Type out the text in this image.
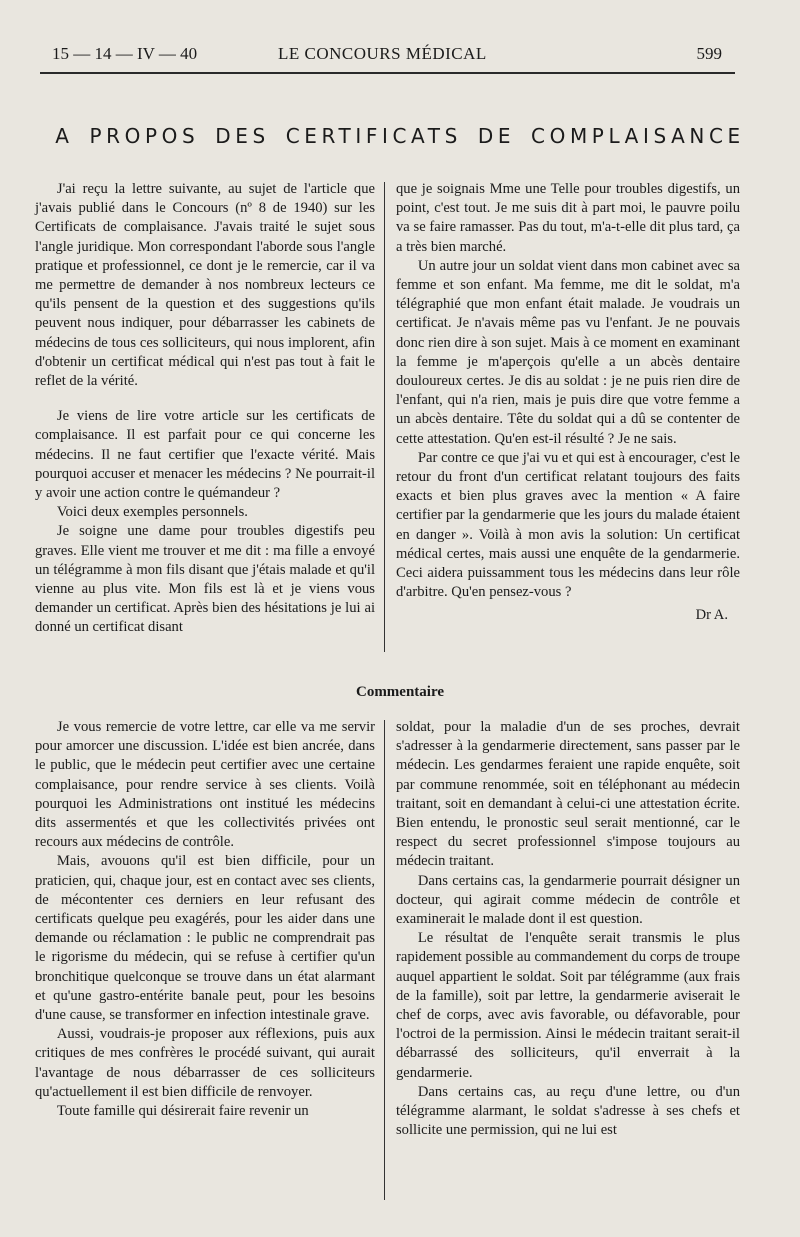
15 — 14 — IV — 40	LE CONCOURS MÉDICAL	599
A PROPOS DES CERTIFICATS DE COMPLAISANCE

J'ai reçu la lettre suivante, au sujet de l'article que j'avais publié dans le Concours (nº 8 de 1940) sur les Certificats de complaisance. J'avais traité le sujet sous l'angle juridique. Mon correspondant l'aborde sous l'angle pratique et professionnel, ce dont je le remercie, car il va me permettre de demander à nos nombreux lecteurs ce qu'ils pensent de la question et des suggestions qu'ils peuvent nous indiquer, pour débarrasser les cabinets de médecins de tous ces solliciteurs, qui nous implorent, afin d'obtenir un certificat médical qui n'est pas tout à fait le reflet de la vérité.

Je viens de lire votre article sur les certificats de complaisance. Il est parfait pour ce qui concerne les médecins. Il ne faut certifier que l'exacte vérité. Mais pourquoi accuser et menacer les médecins ? Ne pourrait-il y avoir une action contre le quémandeur ?

Voici deux exemples personnels.

Je soigne une dame pour troubles digestifs peu graves. Elle vient me trouver et me dit : ma fille a envoyé un télégramme à mon fils disant que j'étais malade et qu'il vienne au plus vite. Mon fils est là et je viens vous demander un certificat. Après bien des hésitations je lui ai donné un certificat disant

que je soignais Mme une Telle pour troubles digestifs, un point, c'est tout. Je me suis dit à part moi, le pauvre poilu va se faire ramasser. Pas du tout, m'a-t-elle dit plus tard, ça a très bien marché.

Un autre jour un soldat vient dans mon cabinet avec sa femme et son enfant. Ma femme, me dit le soldat, m'a télégraphié que mon enfant était malade. Je voudrais un certificat. Je n'avais même pas vu l'enfant. Je ne pouvais donc rien dire à son sujet. Mais à ce moment en examinant la femme je m'aperçois qu'elle a un abcès dentaire douloureux certes. Je dis au soldat : je ne puis rien dire de l'enfant, qui n'a rien, mais je puis dire que votre femme a un abcès dentaire. Tête du soldat qui a dû se contenter de cette attestation. Qu'en est-il résulté ? Je ne sais.

Par contre ce que j'ai vu et qui est à encourager, c'est le retour du front d'un certificat relatant toujours des faits exacts et bien plus graves avec la mention « A faire certifier par la gendarmerie que les jours du malade étaient en danger ». Voilà à mon avis la solution: Un certificat médical certes, mais aussi une enquête de la gendarmerie. Ceci aidera puissamment tous les médecins dans leur rôle d'arbitre. Qu'en pensez-vous ?

Dr A.
Commentaire

Je vous remercie de votre lettre, car elle va me servir pour amorcer une discussion. L'idée est bien ancrée, dans le public, que le médecin peut certifier avec une certaine complaisance, pour rendre service à ses clients. Voilà pourquoi les Administrations ont institué les médecins dits assermentés et que les collectivités privées ont recours aux médecins de contrôle.

Mais, avouons qu'il est bien difficile, pour un praticien, qui, chaque jour, est en contact avec ses clients, de mécontenter ces derniers en leur refusant des certificats quelque peu exagérés, pour les aider dans une demande ou réclamation : le public ne comprendrait pas le rigorisme du médecin, qui se refuse à certifier qu'un bronchitique quelconque se trouve dans un état alarmant et qu'une gastro-entérite banale peut, pour les besoins d'une cause, se transformer en infection intestinale grave.

Aussi, voudrais-je proposer aux réflexions, puis aux critiques de mes confrères le procédé suivant, qui aurait l'avantage de nous débarrasser de ces solliciteurs qu'actuellement il est bien difficile de renvoyer.

Toute famille qui désirerait faire revenir un

soldat, pour la maladie d'un de ses proches, devrait s'adresser à la gendarmerie directement, sans passer par le médecin. Les gendarmes feraient une rapide enquête, soit par commune renommée, soit en téléphonant au médecin traitant, soit en demandant à celui-ci une attestation écrite. Bien entendu, le pronostic seul serait mentionné, car le respect du secret professionnel s'impose toujours au médecin traitant.

Dans certains cas, la gendarmerie pourrait désigner un docteur, qui agirait comme médecin de contrôle et examinerait le malade dont il est question.

Le résultat de l'enquête serait transmis le plus rapidement possible au commandement du corps de troupe auquel appartient le soldat. Soit par télégramme (aux frais de la famille), soit par lettre, la gendarmerie aviserait le chef de corps, avec avis favorable, ou défavorable, pour l'octroi de la permission. Ainsi le médecin traitant serait-il débarrassé des solliciteurs, qu'il enverrait à la gendarmerie.

Dans certains cas, au reçu d'une lettre, ou d'un télégramme alarmant, le soldat s'adresse à ses chefs et sollicite une permission, qui ne lui est
